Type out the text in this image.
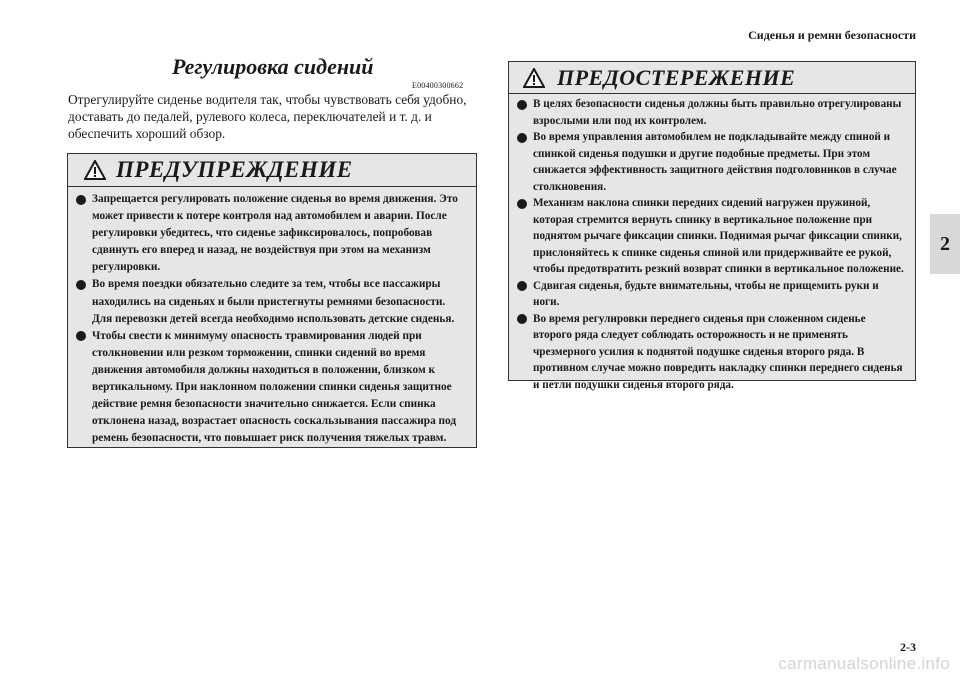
Сиденья и ремни безопасности
2
Регулировка сидений
E00400300662
Отрегулируйте сиденье водителя так, чтобы чувствовать себя удобно, доставать до педалей, рулевого колеса, переключателей и т. д. и обеспечить хороший обзор.
ПРЕДУПРЕЖДЕНИЕ
Запрещается регулировать положение сиденья во время движения. Это может привести к потере контроля над автомобилем и аварии. После регулировки убедитесь, что сиденье зафиксировалось, попробовав сдвинуть его вперед и назад, не воздействуя при этом на механизм регулировки.
Во время поездки обязательно следите за тем, чтобы все пассажиры находились на сиденьях и были пристегнуты ремнями безопасности. Для перевозки детей всегда необходимо использовать детские сиденья.
Чтобы свести к минимуму опасность травмирования людей при столкновении или резком торможении, спинки сидений во время движения автомобиля должны находиться в положении, близком к вертикальному. При наклонном положении спинки сиденья защитное действие ремня безопасности значительно снижается. Если спинка отклонена назад, возрастает опасность соскальзывания пассажира под ремень безопасности, что повышает риск получения тяжелых травм.
ПРЕДОСТЕРЕЖЕНИЕ
В целях безопасности сиденья должны быть правильно отрегулированы взрослыми или под их контролем.
Во время управления автомобилем не подкладывайте между спиной и спинкой сиденья подушки и другие подобные предметы. При этом снижается эффективность защитного действия подголовников в случае столкновения.
Механизм наклона спинки передних сидений нагружен пружиной, которая стремится вернуть спинку в вертикальное положение при поднятом рычаге фиксации спинки. Поднимая рычаг фиксации спинки, прислоняйтесь к спинке сиденья спиной или придерживайте ее рукой, чтобы предотвратить резкий возврат спинки в вертикальное положение.
Сдвигая сиденья, будьте внимательны, чтобы не прищемить руки и ноги.
Во время регулировки переднего сиденья при сложенном сиденье второго ряда следует соблюдать осторожность и не применять чрезмерного усилия к поднятой подушке сиденья второго ряда. В противном случае можно повредить накладку спинки переднего сиденья и петли подушки сиденья второго ряда.
2-3
carmanualsonline.info
